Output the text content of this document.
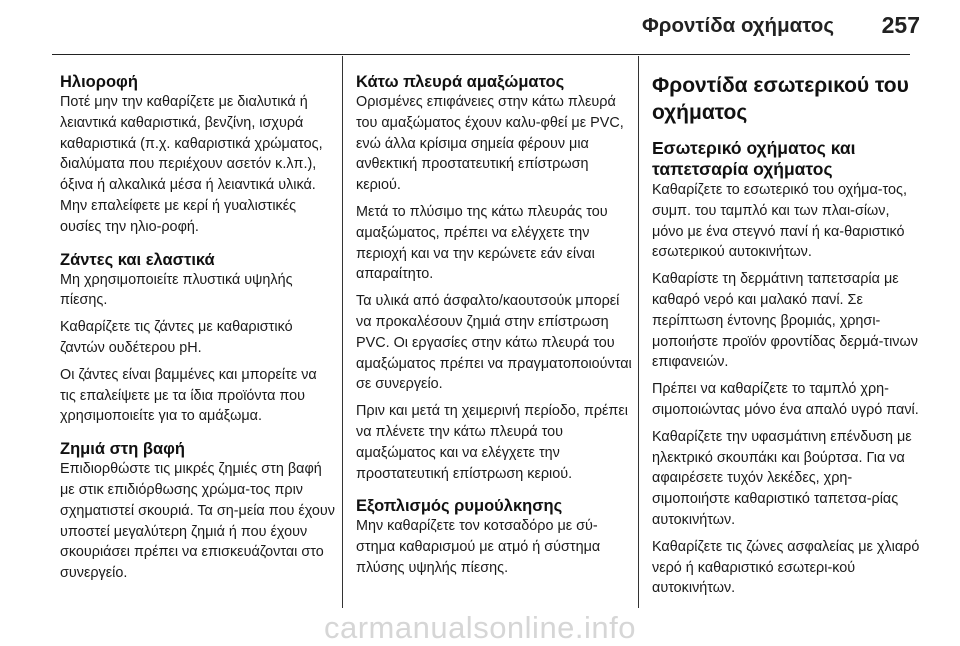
Φροντίδα οχήματος 257
Ηλιοροφή

Ποτέ μην την καθαρίζετε με διαλυτικά ή λειαντικά καθαριστικά, βενζίνη, ισχυρά καθαριστικά (π.χ. καθαριστικά χρώματος, διαλύματα που περιέχουν ασετόν κ.λπ.), όξινα ή αλκαλικά μέσα ή λειαντικά υλικά. Μην επαλείφετε με κερί ή γυαλιστικές ουσίες την ηλιο-ροφή.

Ζάντες και ελαστικά

Μη χρησιμοποιείτε πλυστικά υψηλής πίεσης.

Καθαρίζετε τις ζάντες με καθαριστικό ζαντών ουδέτερου pH.

Οι ζάντες είναι βαμμένες και μπορείτε να τις επαλείψετε με τα ίδια προϊόντα που χρησιμοποιείτε για το αμάξωμα.

Ζημιά στη βαφή

Επιδιορθώστε τις μικρές ζημιές στη βαφή με στικ επιδιόρθωσης χρώμα-τος πριν σχηματιστεί σκουριά. Τα ση-μεία που έχουν υποστεί μεγαλύτερη ζημιά ή που έχουν σκουριάσει πρέπει να επισκευάζονται στο συνεργείο.

Κάτω πλευρά αμαξώματος

Ορισμένες επιφάνειες στην κάτω πλευρά του αμαξώματος έχουν καλυ-φθεί με PVC, ενώ άλλα κρίσιμα σημεία φέρουν μια ανθεκτική προστατευτική επίστρωση κεριού.

Μετά το πλύσιμο της κάτω πλευράς του αμαξώματος, πρέπει να ελέγχετε την περιοχή και να την κερώνετε εάν είναι απαραίτητο.

Τα υλικά από άσφαλτο/καουτσούκ μπορεί να προκαλέσουν ζημιά στην επίστρωση PVC. Οι εργασίες στην κάτω πλευρά του αμαξώματος πρέπει να πραγματοποιούνται σε συνεργείο.

Πριν και μετά τη χειμερινή περίοδο, πρέπει να πλένετε την κάτω πλευρά του αμαξώματος και να ελέγχετε την προστατευτική επίστρωση κεριού.

Εξοπλισμός ρυμούλκησης

Μην καθαρίζετε τον κοτσαδόρο με σύ-στημα καθαρισμού με ατμό ή σύστημα πλύσης υψηλής πίεσης.

Φροντίδα εσωτερικού του οχήματος
Εσωτερικό οχήματος και ταπετσαρία οχήματος

Καθαρίζετε το εσωτερικό του οχήμα-τος, συμπ. του ταμπλό και των πλαι-σίων, μόνο με ένα στεγνό πανί ή κα-θαριστικό εσωτερικού αυτοκινήτων.

Καθαρίστε τη δερμάτινη ταπετσαρία με καθαρό νερό και μαλακό πανί. Σε περίπτωση έντονης βρομιάς, χρησι-μοποιήστε προϊόν φροντίδας δερμά-τινων επιφανειών.

Πρέπει να καθαρίζετε το ταμπλό χρη-σιμοποιώντας μόνο ένα απαλό υγρό πανί.

Καθαρίζετε την υφασμάτινη επένδυση με ηλεκτρικό σκουπάκι και βούρτσα. Για να αφαιρέσετε τυχόν λεκέδες, χρη-σιμοποιήστε καθαριστικό ταπετσα-ρίας αυτοκινήτων.

Καθαρίζετε τις ζώνες ασφαλείας με χλιαρό νερό ή καθαριστικό εσωτερι-κού αυτοκινήτων.

carmanualsonline.info
